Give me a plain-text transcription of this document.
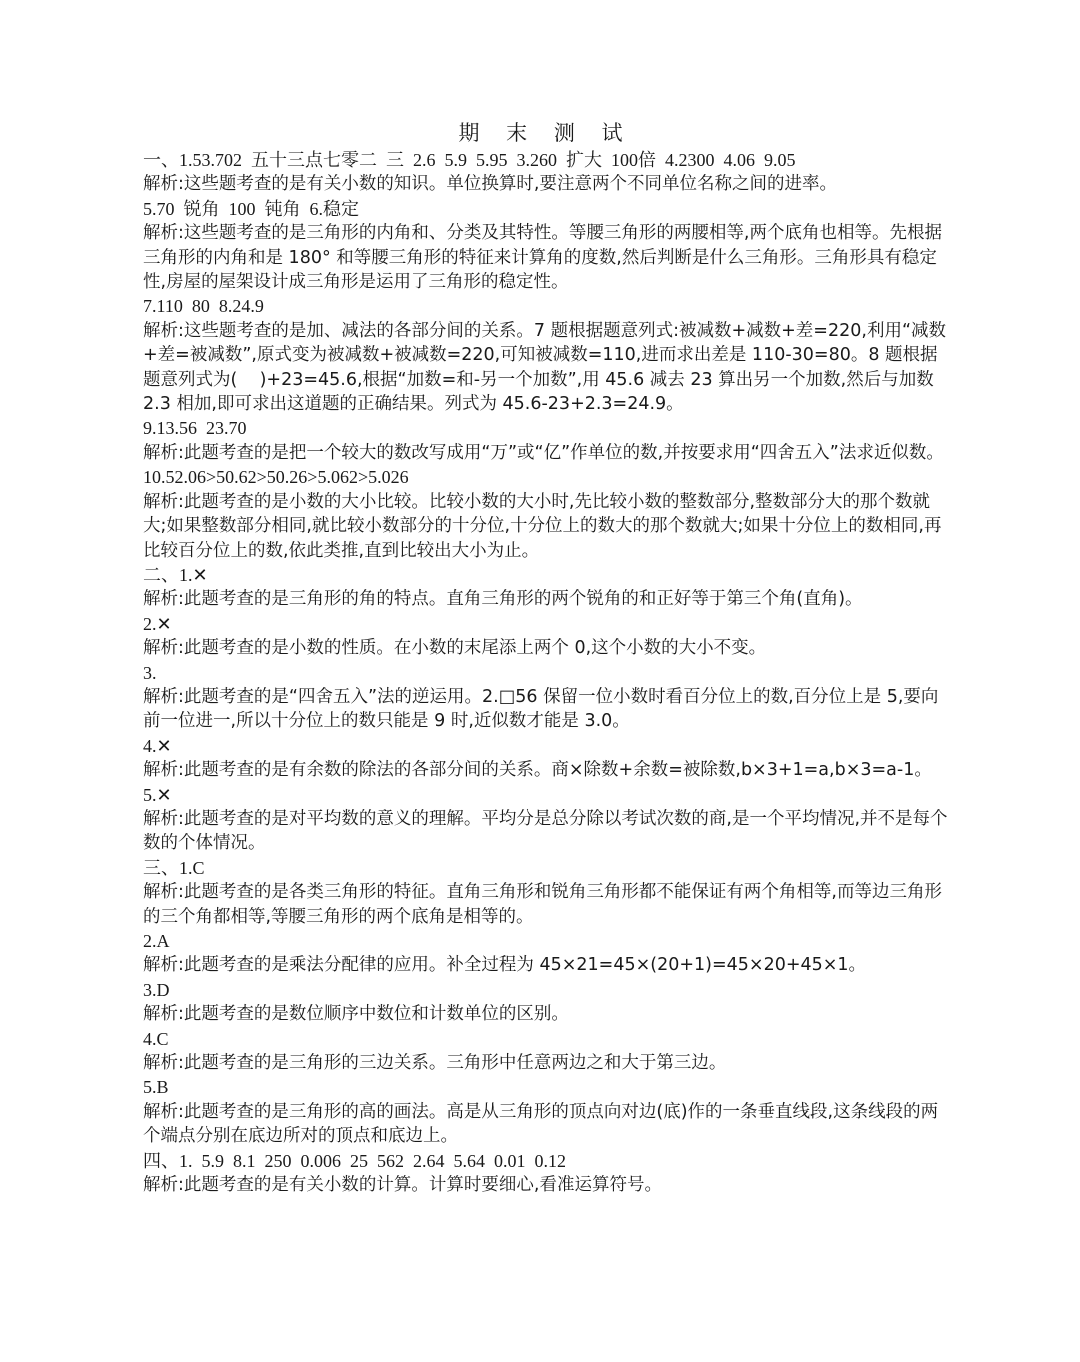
期 末 测 试
一、1.53.702  五十三点七零二  三  2.6  5.9  5.95  3.260  扩大  100倍  4.2300  4.06  9.05
解析:这些题考查的是有关小数的知识。单位换算时,要注意两个不同单位名称之间的进率。
5.70  锐角  100  钝角  6.稳定
解析:这些题考查的是三角形的内角和、分类及其特性。等腰三角形的两腰相等,两个底角也相等。先根据三角形的内角和是 180° 和等腰三角形的特征来计算角的度数,然后判断是什么三角形。三角形具有稳定性,房屋的屋架设计成三角形是运用了三角形的稳定性。
7.110  80  8.24.9
解析:这些题考查的是加、减法的各部分间的关系。7 题根据题意列式:被减数+减数+差=220,利用“减数+差=被减数”,原式变为被减数+被减数=220,可知被减数=110,进而求出差是 110-30=80。8 题根据题意列式为(    )+23=45.6,根据“加数=和-另一个加数”,用 45.6 减去 23 算出另一个加数,然后与加数 2.3 相加,即可求出这道题的正确结果。列式为 45.6-23+2.3=24.9。
9.13.56  23.70
解析:此题考查的是把一个较大的数改写成用“万”或“亿”作单位的数,并按要求用“四舍五入”法求近似数。
10.52.06>50.62>50.26>5.062>5.026
解析:此题考查的是小数的大小比较。比较小数的大小时,先比较小数的整数部分,整数部分大的那个数就大;如果整数部分相同,就比较小数部分的十分位,十分位上的数大的那个数就大;如果十分位上的数相同,再比较百分位上的数,依此类推,直到比较出大小为止。
二、1.✕
解析:此题考查的是三角形的角的特点。直角三角形的两个锐角的和正好等于第三个角(直角)。
2.✕
解析:此题考查的是小数的性质。在小数的末尾添上两个 0,这个小数的大小不变。
3.
解析:此题考查的是“四舍五入”法的逆运用。2.□56 保留一位小数时看百分位上的数,百分位上是 5,要向前一位进一,所以十分位上的数只能是 9 时,近似数才能是 3.0。
4.✕
解析:此题考查的是有余数的除法的各部分间的关系。商×除数+余数=被除数,b×3+1=a,b×3=a-1。
5.✕
解析:此题考查的是对平均数的意义的理解。平均分是总分除以考试次数的商,是一个平均情况,并不是每个数的个体情况。
三、1.C
解析:此题考查的是各类三角形的特征。直角三角形和锐角三角形都不能保证有两个角相等,而等边三角形的三个角都相等,等腰三角形的两个底角是相等的。
2.A
解析:此题考查的是乘法分配律的应用。补全过程为 45×21=45×(20+1)=45×20+45×1。
3.D
解析:此题考查的是数位顺序中数位和计数单位的区别。
4.C
解析:此题考查的是三角形的三边关系。三角形中任意两边之和大于第三边。
5.B
解析:此题考查的是三角形的高的画法。高是从三角形的顶点向对边(底)作的一条垂直线段,这条线段的两个端点分别在底边所对的顶点和底边上。
四、1.  5.9  8.1  250  0.006  25  562  2.64  5.64  0.01  0.12
解析:此题考查的是有关小数的计算。计算时要细心,看准运算符号。
